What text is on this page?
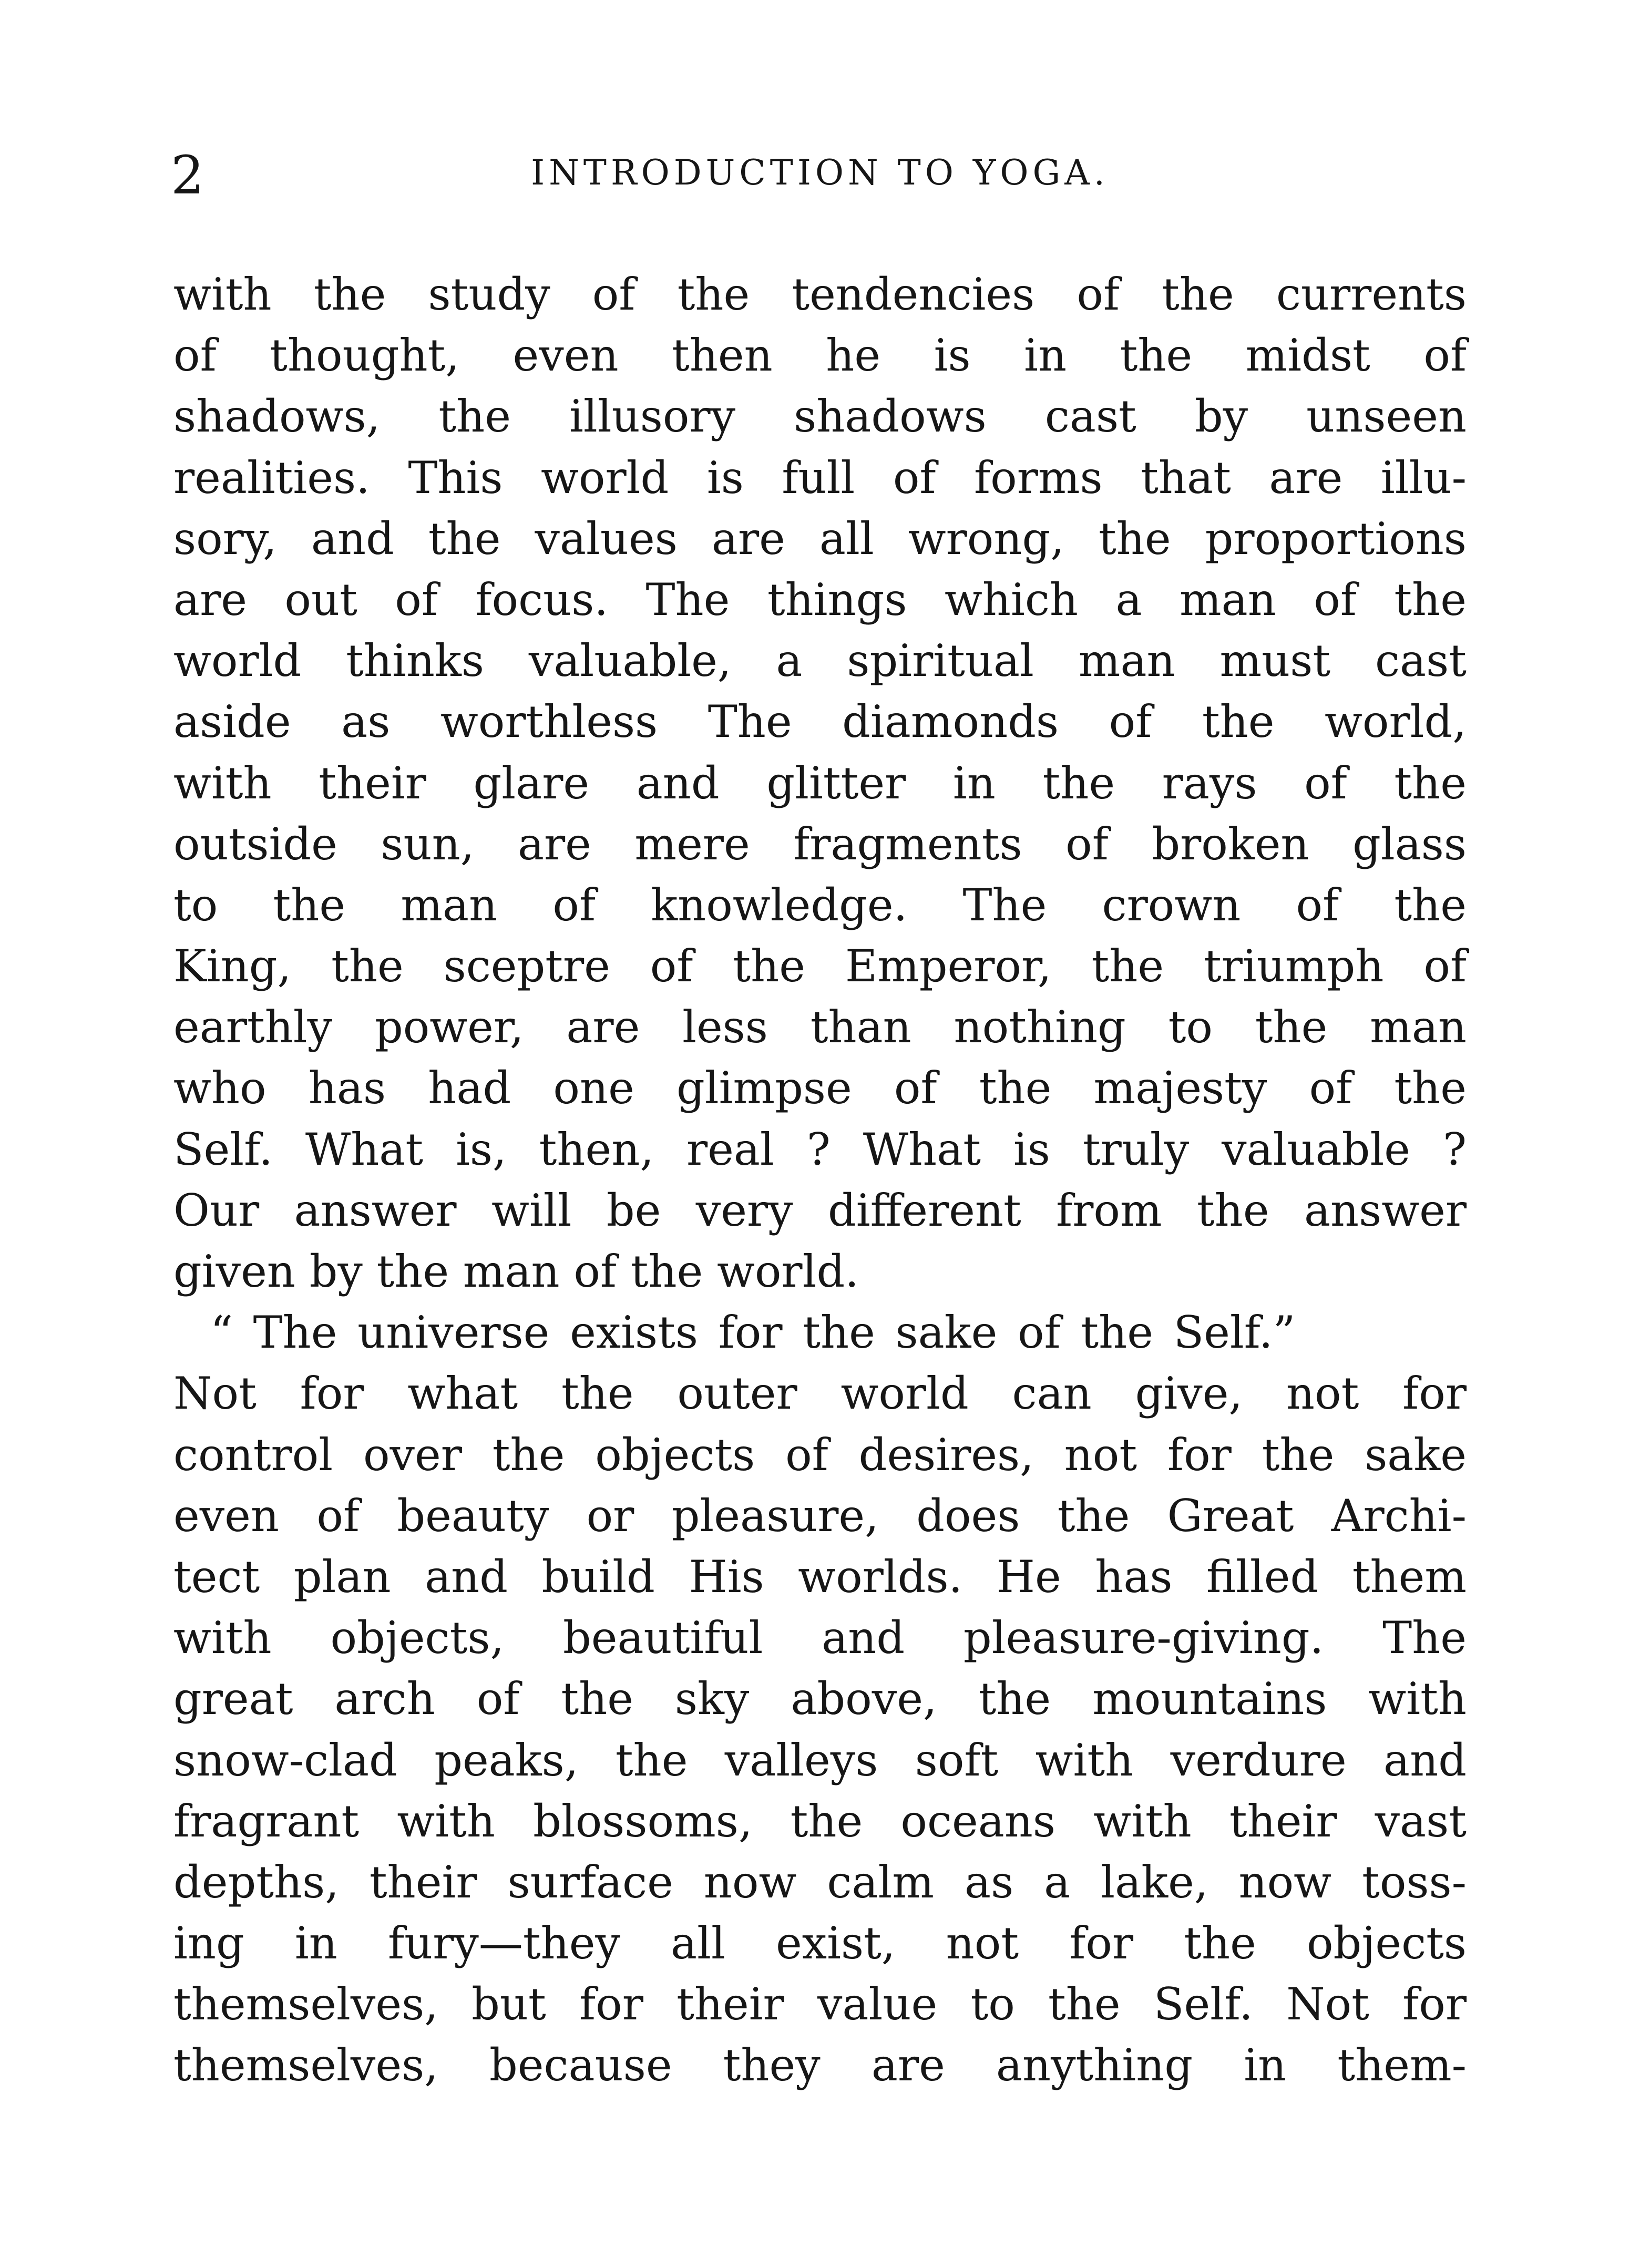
2	INTRODUCTION TO YOGA.
with the study of the tendencies of the currents
of thought, even then he is in the midst of
shadows, the illusory shadows cast by unseen
realities. This world is full of forms that are illu-
sory, and the values are all wrong, the proportions
are out of focus. The things which a man of the
world thinks valuable, a spiritual man must cast
aside as worthless The diamonds of the world,
with their glare and glitter in the rays of the
outside sun, are mere fragments of broken glass
to the man of knowledge. The crown of the
King, the sceptre of the Emperor, the triumph of
earthly power, are less than nothing to the man
who has had one glimpse of the majesty of the
Self. What is, then, real ? What is truly valuable ?
Our answer will be very different from the answer
given by the man of the world.
“ The universe exists for the sake of the Self.”
Not for what the outer world can give, not for
control over the objects of desires, not for the sake
even of beauty or pleasure, does the Great Archi-
tect plan and build His worlds. He has filled them
with objects, beautiful and pleasure-giving. The
great arch of the sky above, the mountains with
snow-clad peaks, the valleys soft with verdure and
fragrant with blossoms, the oceans with their vast
depths, their surface now calm as a lake, now toss-
ing in fury—they all exist, not for the objects
themselves, but for their value to the Self. Not for
themselves, because they are anything in them-
